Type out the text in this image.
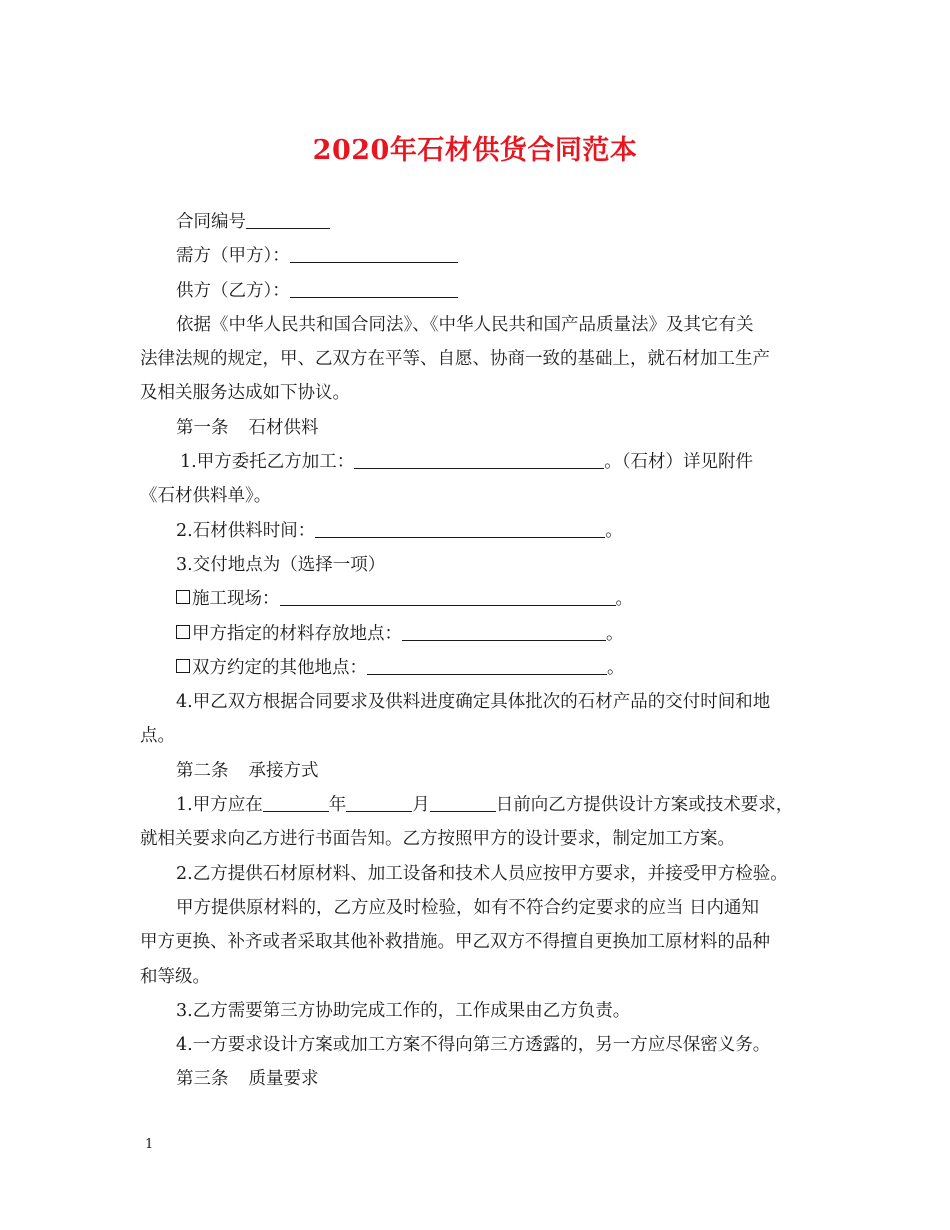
2020年石材供货合同范本
合同编号
需方（甲方）：
供方（乙方）：
依据《中华人民共和国合同法》、《中华人民共和国产品质量法》及其它有关
法律法规的规定，甲、乙双方在平等、自愿、协商一致的基础上，就石材加工生产
及相关服务达成如下协议。
第一条 石材供料
1.甲方委托乙方加工：	。（石材）详见附件
《石材供料单》。
2.石材供料时间：	。
3.交付地点为（选择一项）
施工现场：	。
甲方指定的材料存放地点：	。
双方约定的其他地点：	。
4.甲乙双方根据合同要求及供料进度确定具体批次的石材产品的交付时间和地
点。
第二条 承接方式
1.甲方应在	年	月	日前向乙方提供设计方案或技术要求，
就相关要求向乙方进行书面告知。乙方按照甲方的设计要求，制定加工方案。
2.乙方提供石材原材料、加工设备和技术人员应按甲方要求，并接受甲方检验。
甲方提供原材料的，乙方应及时检验，如有不符合约定要求的应当 日内通知
甲方更换、补齐或者采取其他补救措施。甲乙双方不得擅自更换加工原材料的品种
和等级。
3.乙方需要第三方协助完成工作的，工作成果由乙方负责。
4.一方要求设计方案或加工方案不得向第三方透露的，另一方应尽保密义务。
第三条 质量要求
1
